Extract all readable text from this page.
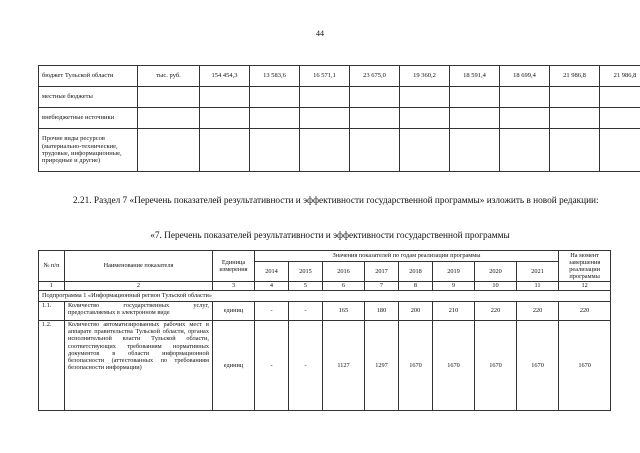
44
бюджет Тульской области	тыс. руб.	154 454,3	13 583,6	16 571,1	23 675,0	19 360,2	18 591,4	18 699,4	21 986,8	21 986,8
местные бюджеты										
внебюджетные источники										
Прочие виды ресурсов (материально-технические, трудовые, информационные, природные и другие)										
2.21. Раздел 7 «Перечень показателей результативности и эффективности государственной программы» изложить в новой редакции:
«7. Перечень показателей результативности и эффективности государственной программы
№ п/п	Наименование показателя	Единица измерения	Значения показателей по годам реализации программы								На момент завершения реализации программы
			2014	2015	2016	2017	2018	2019	2020	2021	
1	2	3	4	5	6	7	8	9	10	11	12
Подпрограмма 1 «Информационный регион Тульской области»											
1.1.	Количество государственных услуг, предоставляемых в электронном виде	единиц	-	-	165	180	200	210	220	220	220
1.2.	Количество автоматизированных рабочих мест в аппарате правительства Тульской области, органах исполнительной власти Тульской области, соответствующих требованиям нормативных документов в области информационной безопасности (аттестованных по требованиям безопасности информации)	единиц	-	-	1127	1297	1670	1670	1670	1670	1670
